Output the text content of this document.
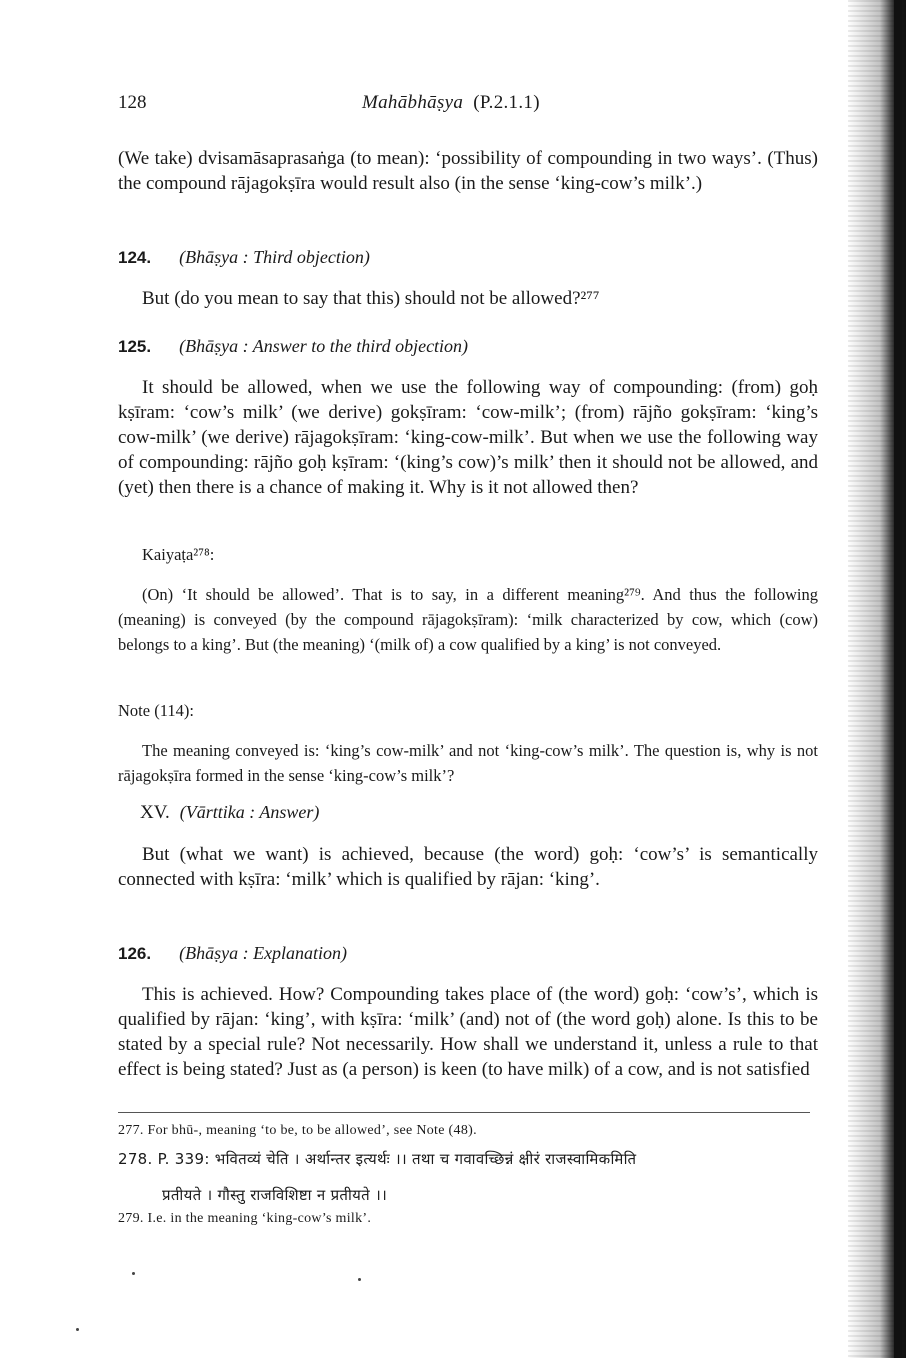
128	Mahābhāṣya (P.2.1.1)

(We take) dvisamāsaprasaṅga (to mean): ‘possibility of compounding in two ways’. (Thus) the compound rājagokṣīra would result also (in the sense ‘king-cow’s milk’.)

124. (Bhāṣya : Third objection)

But (do you mean to say that this) should not be allowed?²⁷⁷

125. (Bhāṣya : Answer to the third objection)

It should be allowed, when we use the following way of compounding: (from) goḥ kṣīram: ‘cow’s milk’ (we derive) gokṣīram: ‘cow-milk’; (from) rājño gokṣīram: ‘king’s cow-milk’ (we derive) rājagokṣīram: ‘king-cow-milk’. But when we use the following way of compounding: rājño goḥ kṣīram: ‘(king’s cow)’s milk’ then it should not be allowed, and (yet) then there is a chance of making it. Why is it not allowed then?

Kaiyaṭa²⁷⁸:

(On) ‘It should be allowed’. That is to say, in a different meaning²⁷⁹. And thus the following (meaning) is conveyed (by the compound rājagokṣīram): ‘milk characterized by cow, which (cow) belongs to a king’. But (the meaning) ‘(milk of) a cow qualified by a king’ is not conveyed.

Note (114):

The meaning conveyed is: ‘king’s cow-milk’ and not ‘king-cow’s milk’. The question is, why is not rājagokṣīra formed in the sense ‘king-cow’s milk’?

XV. (Vārttika : Answer)

But (what we want) is achieved, because (the word) goḥ: ‘cow’s’ is semantically connected with kṣīra: ‘milk’ which is qualified by rājan: ‘king’.

126. (Bhāṣya : Explanation)

This is achieved. How? Compounding takes place of (the word) goḥ: ‘cow’s’, which is qualified by rājan: ‘king’, with kṣīra: ‘milk’ (and) not of (the word goḥ) alone. Is this to be stated by a special rule? Not necessarily. How shall we understand it, unless a rule to that effect is being stated? Just as (a person) is keen (to have milk) of a cow, and is not satisfied

277. For bhū-, meaning ‘to be, to be allowed’, see Note (48).

278. P. 339: भवितव्यं चेति । अर्थान्तर इत्यर्थः ।। तथा च गवावच्छिन्नं क्षीरं राजस्वामिकमिति

प्रतीयते । गौस्तु राजविशिष्टा न प्रतीयते ।।

279. I.e. in the meaning ‘king-cow’s milk’.
